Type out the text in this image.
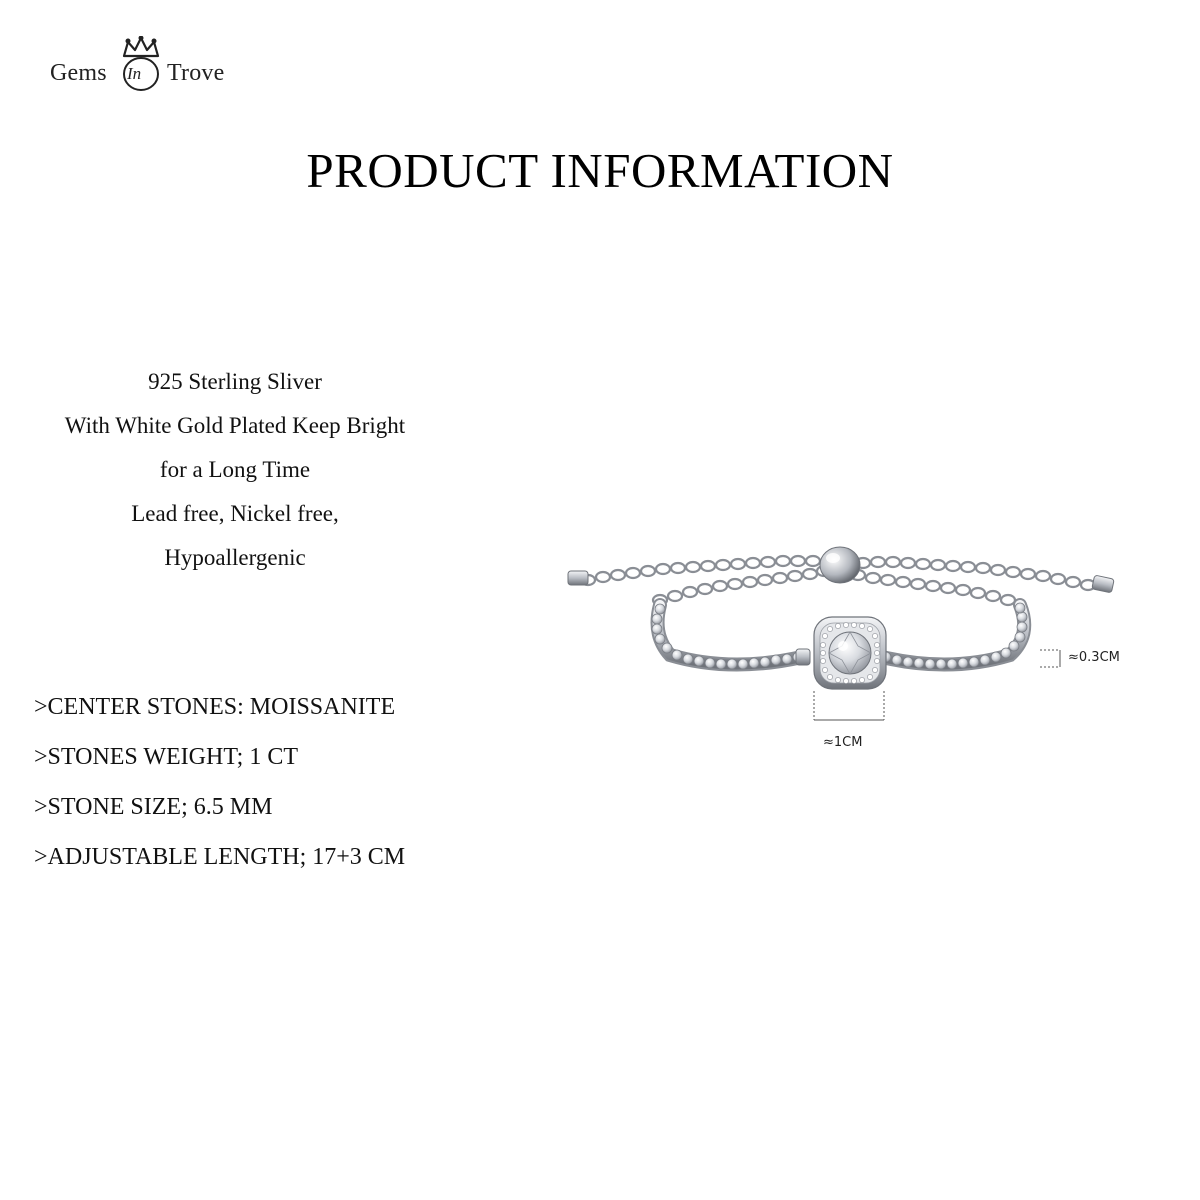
Gems In Trove
PRODUCT INFORMATION
925 Sterling Sliver
With White Gold Plated Keep Bright
for a Long Time
Lead free, Nickel free,
Hypoallergenic
>CENTER STONES: MOISSANITE
>STONES WEIGHT; 1 CT
>STONE SIZE; 6.5 MM
>ADJUSTABLE LENGTH; 17+3 CM
≈0.3CM
≈1CM
